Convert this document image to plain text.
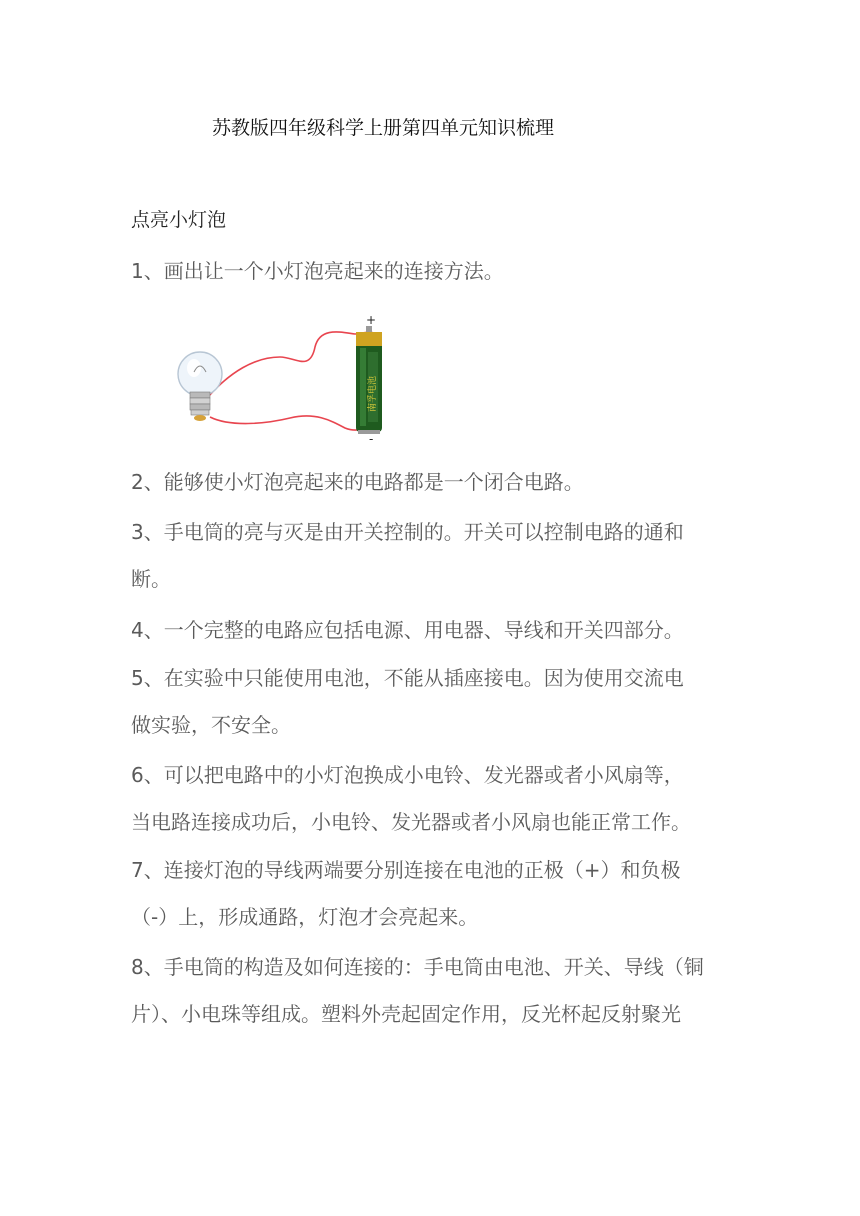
苏教版四年级科学上册第四单元知识梳理
点亮小灯泡
1、画出让一个小灯泡亮起来的连接方法。
南孚电池
+
-
2、能够使小灯泡亮起来的电路都是一个闭合电路。
3、手电筒的亮与灭是由开关控制的。开关可以控制电路的通和
断。
4、一个完整的电路应包括电源、用电器、导线和开关四部分。
5、在实验中只能使用电池，不能从插座接电。因为使用交流电
做实验，不安全。
6、可以把电路中的小灯泡换成小电铃、发光器或者小风扇等，
当电路连接成功后，小电铃、发光器或者小风扇也能正常工作。
7、连接灯泡的导线两端要分别连接在电池的正极（+）和负极
（-）上，形成通路，灯泡才会亮起来。
8、手电筒的构造及如何连接的：手电筒由电池、开关、导线（铜
片）、小电珠等组成。塑料外壳起固定作用，反光杯起反射聚光
